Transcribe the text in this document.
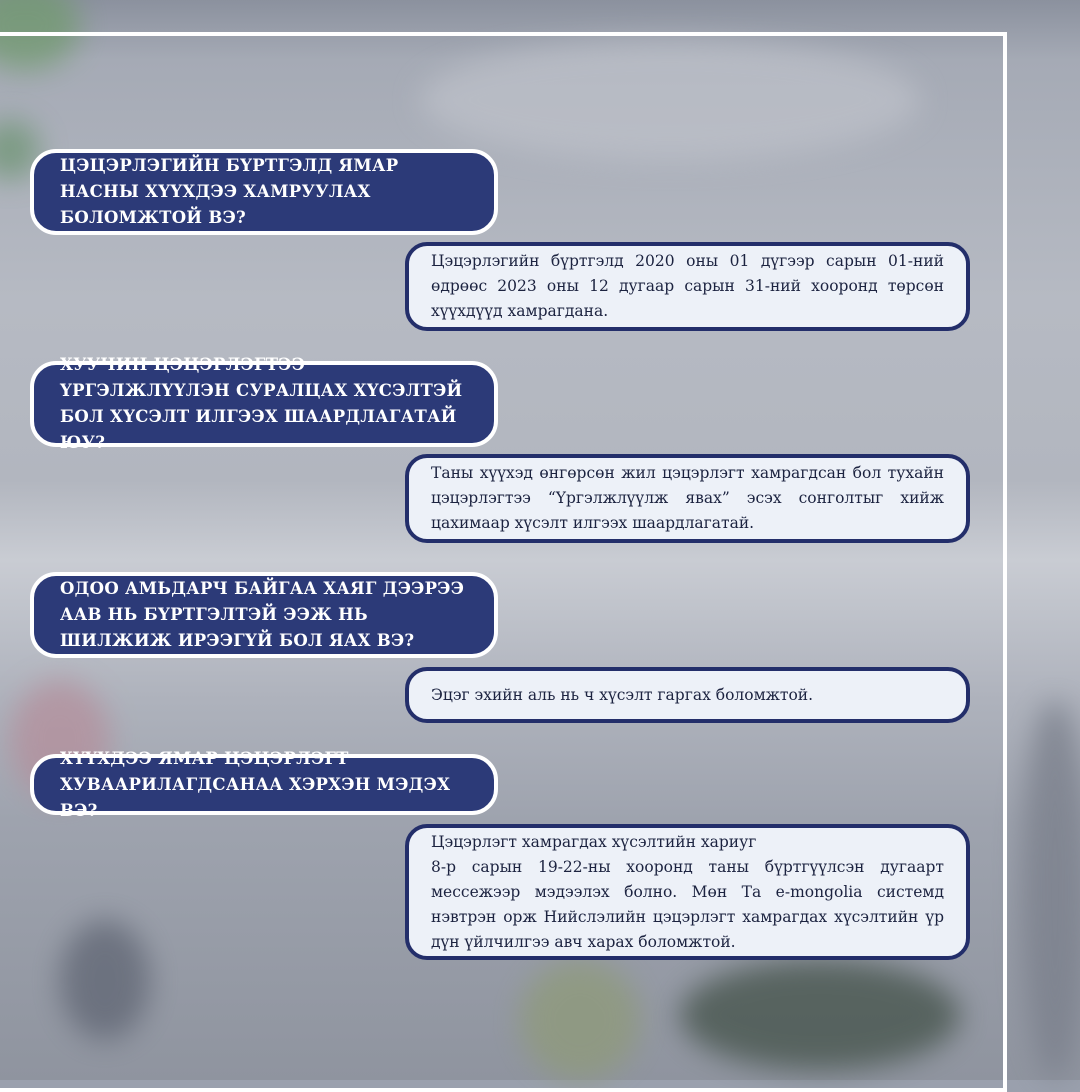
ЦЭЦЭРЛЭГИЙН БҮРТГЭЛД ЯМАР НАСНЫ ХҮҮХДЭЭ ХАМРУУЛАХ БОЛОМЖТОЙ ВЭ?
Цэцэрлэгийн бүртгэлд 2020 оны 01 дүгээр сарын 01-ний өдрөөс 2023 оны 12 дугаар сарын 31-ний хооронд төрсөн хүүхдүүд хамрагдана.
ХУУЧИН ЦЭЦЭРЛЭГТЭЭ ҮРГЭЛЖЛҮҮЛЭН СУРАЛЦАХ ХҮСЭЛТЭЙ БОЛ ХҮСЭЛТ ИЛГЭЭХ ШААРДЛАГАТАЙ ЮУ?
Таны хүүхэд өнгөрсөн жил цэцэрлэгт хамрагдсан бол тухайн цэцэрлэгтээ “Үргэлжлүүлж явах” эсэх сонголтыг хийж цахимаар хүсэлт илгээх шаардлагатай.
ОДОО АМЬДАРЧ БАЙГАА ХАЯГ ДЭЭРЭЭ ААВ НЬ БҮРТГЭЛТЭЙ ЭЭЖ НЬ ШИЛЖИЖ ИРЭЭГҮЙ БОЛ ЯАХ ВЭ?
Эцэг эхийн аль нь ч хүсэлт гаргах боломжтой.
ХҮҮХДЭЭ ЯМАР ЦЭЦЭРЛЭГТ ХУВААРИЛАГДСАНАА ХЭРХЭН МЭДЭХ ВЭ?
Цэцэрлэгт хамрагдах хүсэлтийн хариуг
8-р сарын 19-22-ны хооронд таны бүртгүүлсэн дугаарт мессежээр мэдээлэх болно. Мөн Та e-mongolia системд нэвтрэн орж Нийслэлийн цэцэрлэгт хамрагдах хүсэлтийн үр дүн үйлчилгээ авч харах боломжтой.
